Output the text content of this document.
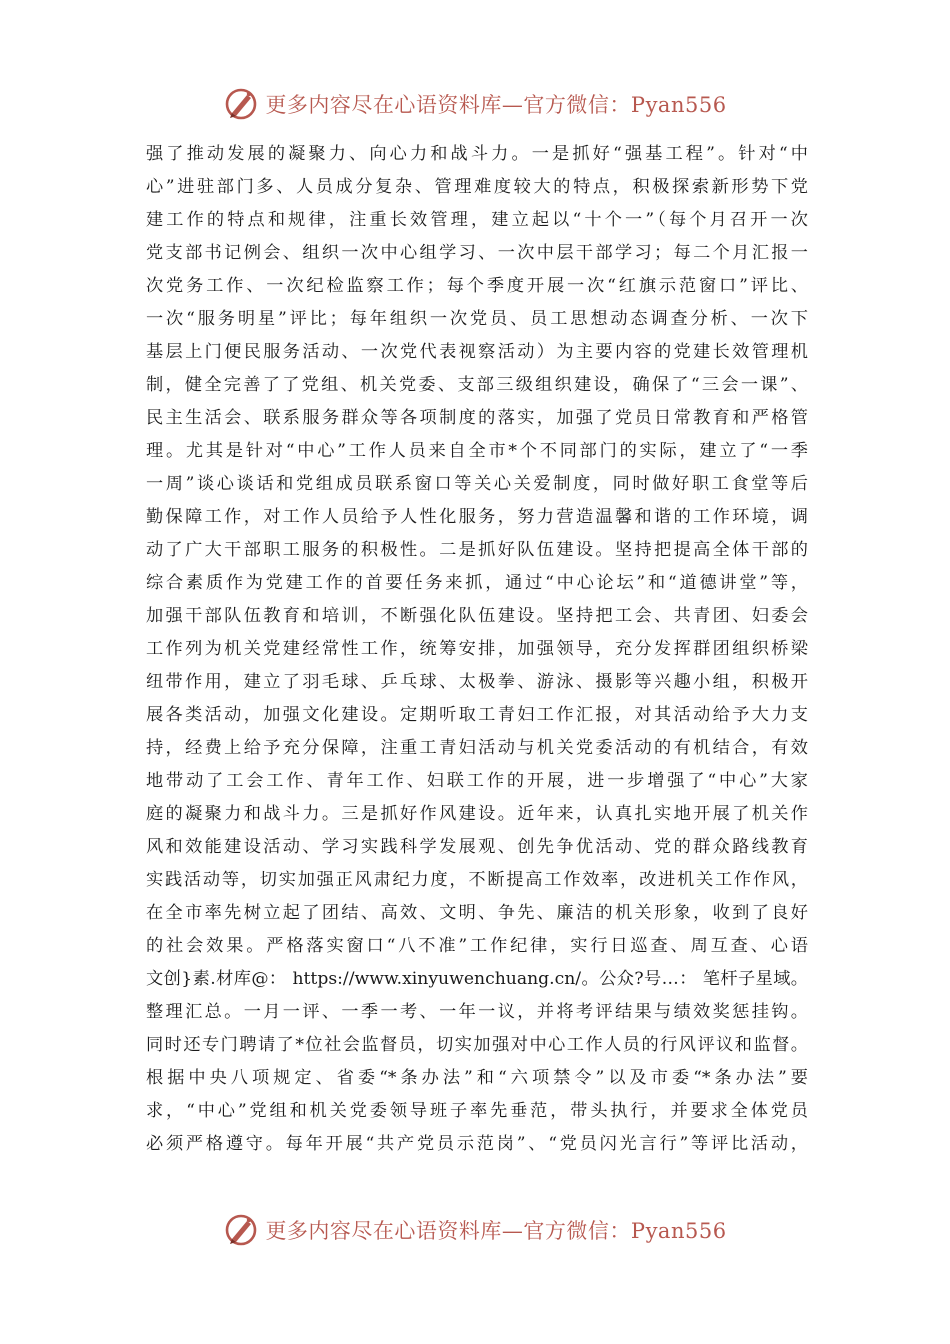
更多内容尽在心语资料库—官方微信：Pyan556
强了推动发展的凝聚力、向心力和战斗力。一是抓好“强基工程”。针对“中
心”进驻部门多、人员成分复杂、管理难度较大的特点，积极探索新形势下党
建工作的特点和规律，注重长效管理，建立起以“十个一”（每个月召开一次
党支部书记例会、组织一次中心组学习、一次中层干部学习；每二个月汇报一
次党务工作、一次纪检监察工作；每个季度开展一次“红旗示范窗口”评比、
一次“服务明星”评比；每年组织一次党员、员工思想动态调查分析、一次下
基层上门便民服务活动、一次党代表视察活动）为主要内容的党建长效管理机
制，健全完善了了党组、机关党委、支部三级组织建设，确保了“三会一课”、
民主生活会、联系服务群众等各项制度的落实，加强了党员日常教育和严格管
理。尤其是针对“中心”工作人员来自全市*个不同部门的实际，建立了“一季
一周”谈心谈话和党组成员联系窗口等关心关爱制度，同时做好职工食堂等后
勤保障工作，对工作人员给予人性化服务，努力营造温馨和谐的工作环境，调
动了广大干部职工服务的积极性。二是抓好队伍建设。坚持把提高全体干部的
综合素质作为党建工作的首要任务来抓，通过“中心论坛”和“道德讲堂”等，
加强干部队伍教育和培训，不断强化队伍建设。坚持把工会、共青团、妇委会
工作列为机关党建经常性工作，统筹安排，加强领导，充分发挥群团组织桥梁
纽带作用，建立了羽毛球、乒乓球、太极拳、游泳、摄影等兴趣小组，积极开
展各类活动，加强文化建设。定期听取工青妇工作汇报，对其活动给予大力支
持，经费上给予充分保障，注重工青妇活动与机关党委活动的有机结合，有效
地带动了工会工作、青年工作、妇联工作的开展，进一步增强了“中心”大家
庭的凝聚力和战斗力。三是抓好作风建设。近年来，认真扎实地开展了机关作
风和效能建设活动、学习实践科学发展观、创先争优活动、党的群众路线教育
实践活动等，切实加强正风肃纪力度，不断提高工作效率，改进机关工作作风，
在全市率先树立起了团结、高效、文明、争先、廉洁的机关形象，收到了良好
的社会效果。严格落实窗口“八不准”工作纪律，实行日巡查、周互查、心语
文创}素.材库@： https://www.xinyuwenchuang.cn/。公众?号…： 笔杆子星域。
整理汇总。一月一评、一季一考、一年一议，并将考评结果与绩效奖惩挂钩。
同时还专门聘请了*位社会监督员，切实加强对中心工作人员的行风评议和监督。
根据中央八项规定、省委“*条办法”和“六项禁令”以及市委“*条办法”要
求，“中心”党组和机关党委领导班子率先垂范，带头执行，并要求全体党员
必须严格遵守。每年开展“共产党员示范岗”、“党员闪光言行”等评比活动，
更多内容尽在心语资料库—官方微信：Pyan556
